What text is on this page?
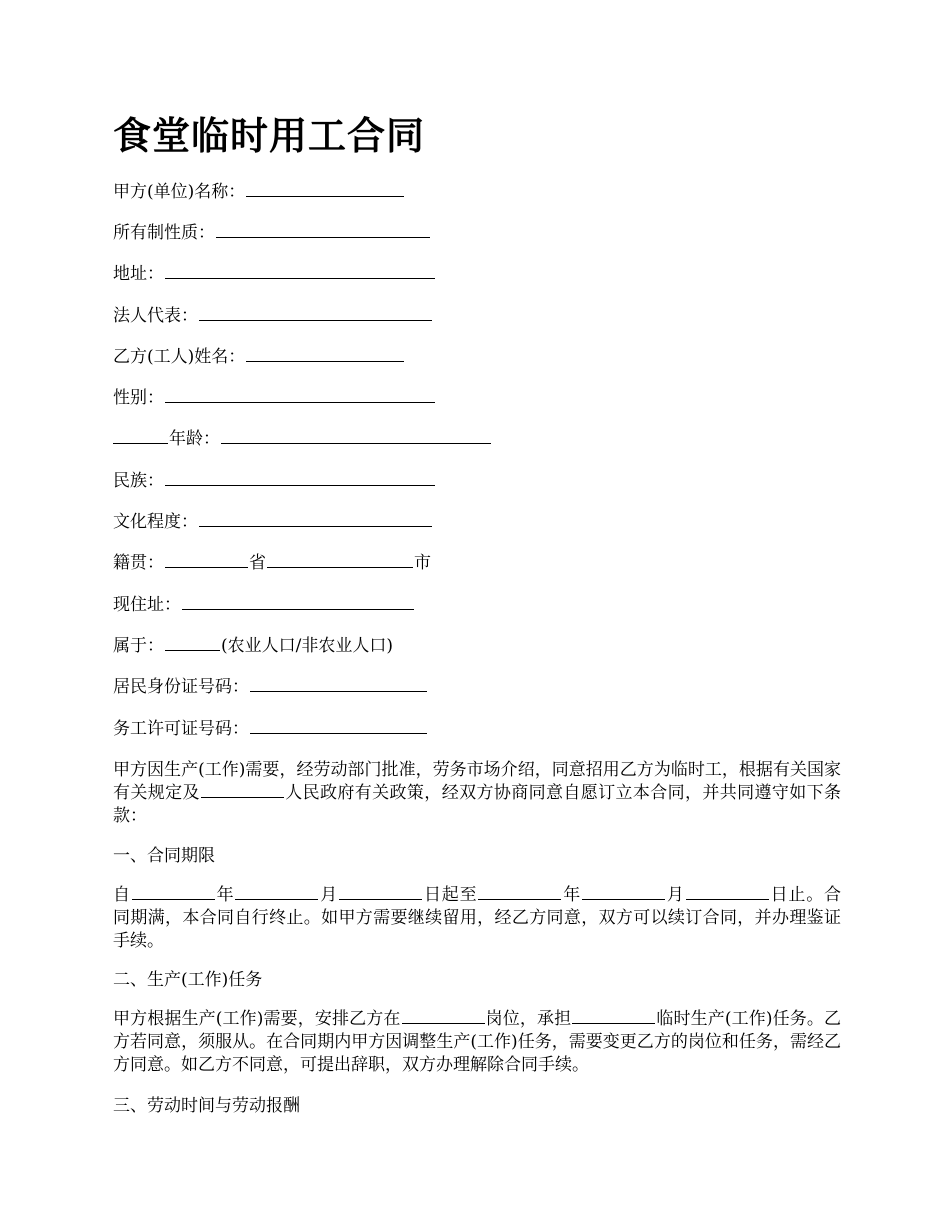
食堂临时用工合同
甲方(单位)名称：
所有制性质：
地址：
法人代表：
乙方(工人)姓名：
性别：
年龄：
民族：
文化程度：
籍贯：	省	市
现住址：
属于：	(农业人口/非农业人口)
居民身份证号码：
务工许可证号码：
甲方因生产(工作)需要，经劳动部门批准，劳务市场介绍，同意招用乙方为临时工，根据有关国家有关规定及	人民政府有关政策，经双方协商同意自愿订立本合同，并共同遵守如下条款：
一、合同期限
自	年	月	日起至	年	月	日止。合同期满，本合同自行终止。如甲方需要继续留用，经乙方同意，双方可以续订合同，并办理鉴证手续。
二、生产(工作)任务
甲方根据生产(工作)需要，安排乙方在	岗位，承担	临时生产(工作)任务。乙方若同意，须服从。在合同期内甲方因调整生产(工作)任务，需要变更乙方的岗位和任务，需经乙方同意。如乙方不同意，可提出辞职，双方办理解除合同手续。
三、劳动时间与劳动报酬
